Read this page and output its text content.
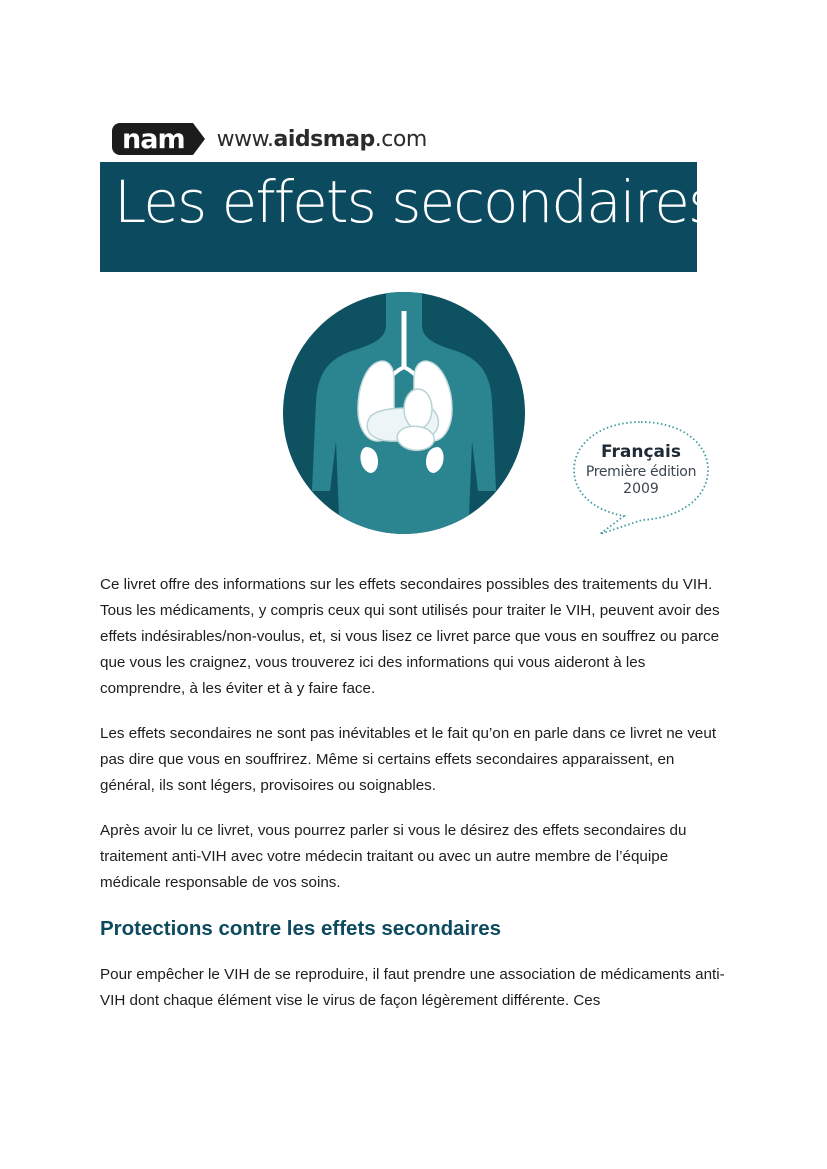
nam	www.aidsmap.com
Les effets secondaires
Français
Première édition
2009

Ce livret offre des informations sur les effets secondaires possibles des traitements du VIH. Tous les médicaments, y compris ceux qui sont utilisés pour traiter le VIH, peuvent avoir des effets indésirables/non-voulus, et, si vous lisez ce livret parce que vous en souffrez ou parce que vous les craignez, vous trouverez ici des informations qui vous aideront à les comprendre, à les éviter et à y faire face.

Les effets secondaires ne sont pas inévitables et le fait qu’on en parle dans ce livret ne veut pas dire que vous en souffrirez. Même si certains effets secondaires apparaissent, en général, ils sont légers, provisoires ou soignables.

Après avoir lu ce livret, vous pourrez parler si vous le désirez des effets secondaires du traitement anti-VIH avec votre médecin traitant ou avec un autre membre de l’équipe médicale responsable de vos soins.

Protections contre les effets secondaires

Pour empêcher le VIH de se reproduire, il faut prendre une association de médicaments anti-VIH dont chaque élément vise le virus de façon légèrement différente. Ces
